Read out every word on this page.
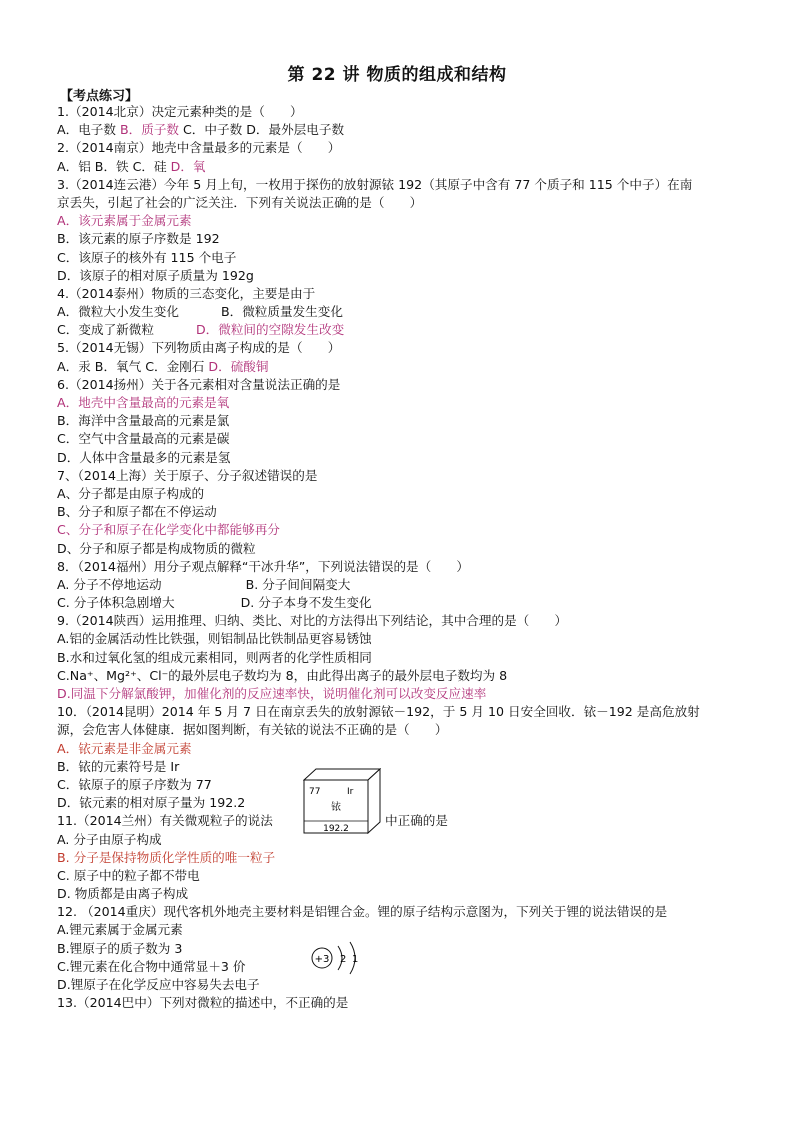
第 22 讲 物质的组成和结构
【考点练习】
1.（2014北京）决定元素种类的是（　　）
A．电子数 B．质子数 C．中子数 D．最外层电子数
2.（2014南京）地壳中含量最多的元素是（　　）
A．铝 B．铁 C．硅 D．氧
3.（2014连云港）今年 5 月上旬，一枚用于探伤的放射源铱 192（其原子中含有 77 个质子和 115 个中子）在南
京丢失，引起了社会的广泛关注．下列有关说法正确的是（　　）
A．该元素属于金属元素
B．该元素的原子序数是 192
C．该原子的核外有 115 个电子
D．该原子的相对原子质量为 192g
4.（2014泰州）物质的三态变化，主要是由于
A．微粒大小发生变化	B．微粒质量发生变化
C．变成了新微粒	D．微粒间的空隙发生改变
5.（2014无锡）下列物质由离子构成的是（　　）
A．汞 B．氧气 C．金刚石 D．硫酸铜
6.（2014扬州）关于各元素相对含量说法正确的是
A．地壳中含量最高的元素是氧
B．海洋中含量最高的元素是氯
C．空气中含量最高的元素是碳
D．人体中含量最多的元素是氢
7、（2014上海）关于原子、分子叙述错误的是
A、分子都是由原子构成的
B、分子和原子都在不停运动
C、分子和原子在化学变化中都能够再分
D、分子和原子都是构成物质的微粒
8．（2014福州）用分子观点解释“干冰升华”，下列说法错误的是（　　）
A. 分子不停地运动	B. 分子间间隔变大
C. 分子体积急剧增大	D. 分子本身不发生变化
9.（2014陕西）运用推理、归纳、类比、对比的方法得出下列结论，其中合理的是（　　）
A.铝的金属活动性比铁强，则铝制品比铁制品更容易锈蚀
B.水和过氧化氢的组成元素相同，则两者的化学性质相同
C.Na⁺、Mg²⁺、Cl⁻的最外层电子数均为 8，由此得出离子的最外层电子数均为 8
D.同温下分解氯酸钾，加催化剂的反应速率快，说明催化剂可以改变反应速率
10．（2014昆明）2014 年 5 月 7 日在南京丢失的放射源铱－192，于 5 月 10 日安全回收．铱－192 是高危放射
源，会危害人体健康．据如图判断，有关铱的说法不正确的是（　　）
A．铱元素是非金属元素
B．铱的元素符号是 Ir
C．铱原子的原子序数为 77
D．铱元素的相对原子量为 192.2
11.（2014兰州）有关微观粒子的说法
A. 分子由原子构成
B. 分子是保持物质化学性质的唯一粒子
C. 原子中的粒子都不带电
D. 物质都是由离子构成
12. （2014重庆）现代客机外地壳主要材料是铝锂合金。锂的原子结构示意图为，下列关于锂的说法错误的是
A.锂元素属于金属元素
B.锂原子的质子数为 3
C.锂元素在化合物中通常显＋3 价
D.锂原子在化学反应中容易失去电子
13.（2014巴中）下列对微粒的描述中，不正确的是
中正确的是
77	Ir
铱
192.2
+3 2 1
